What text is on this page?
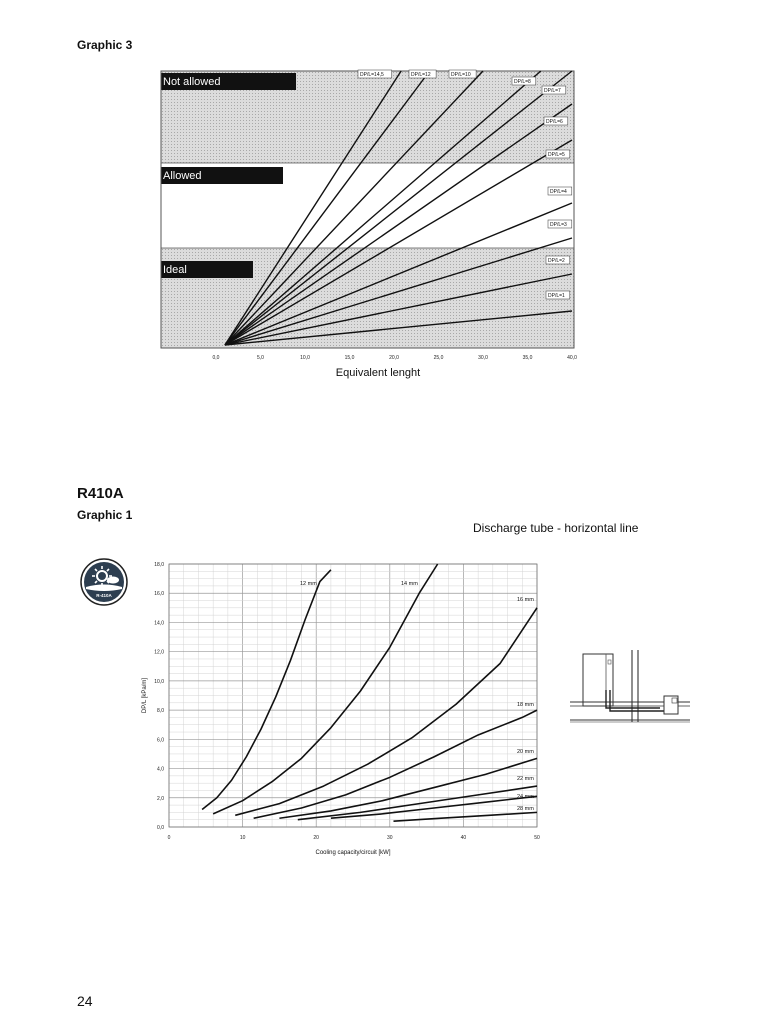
Graphic 3
Not allowed
Allowed
Ideal
DP/L=14,5	DP/L=12	DP/L=10
DP/L=8
DP/L=7
DP/L=6
DP/L=5
DP/L=4
DP/L=3
DP/L=2
DP/L=1
0,0	5,0	10,0	15,0	20,0	25,0	30,0	35,0	40,0
Equivalent lenght
R410A
Graphic 1
Discharge tube - horizontal line
R-410A
0,0
2,0
4,0
6,0
8,0
10,0
12,0
14,0
16,0
18,0
0	10	20	30	40	50
Cooling capacity/circuit [kW]
DP/L [kPa/m]
12 mm	14 mm
16 mm
18 mm
20 mm
22 mm
24 mm
28 mm
24
